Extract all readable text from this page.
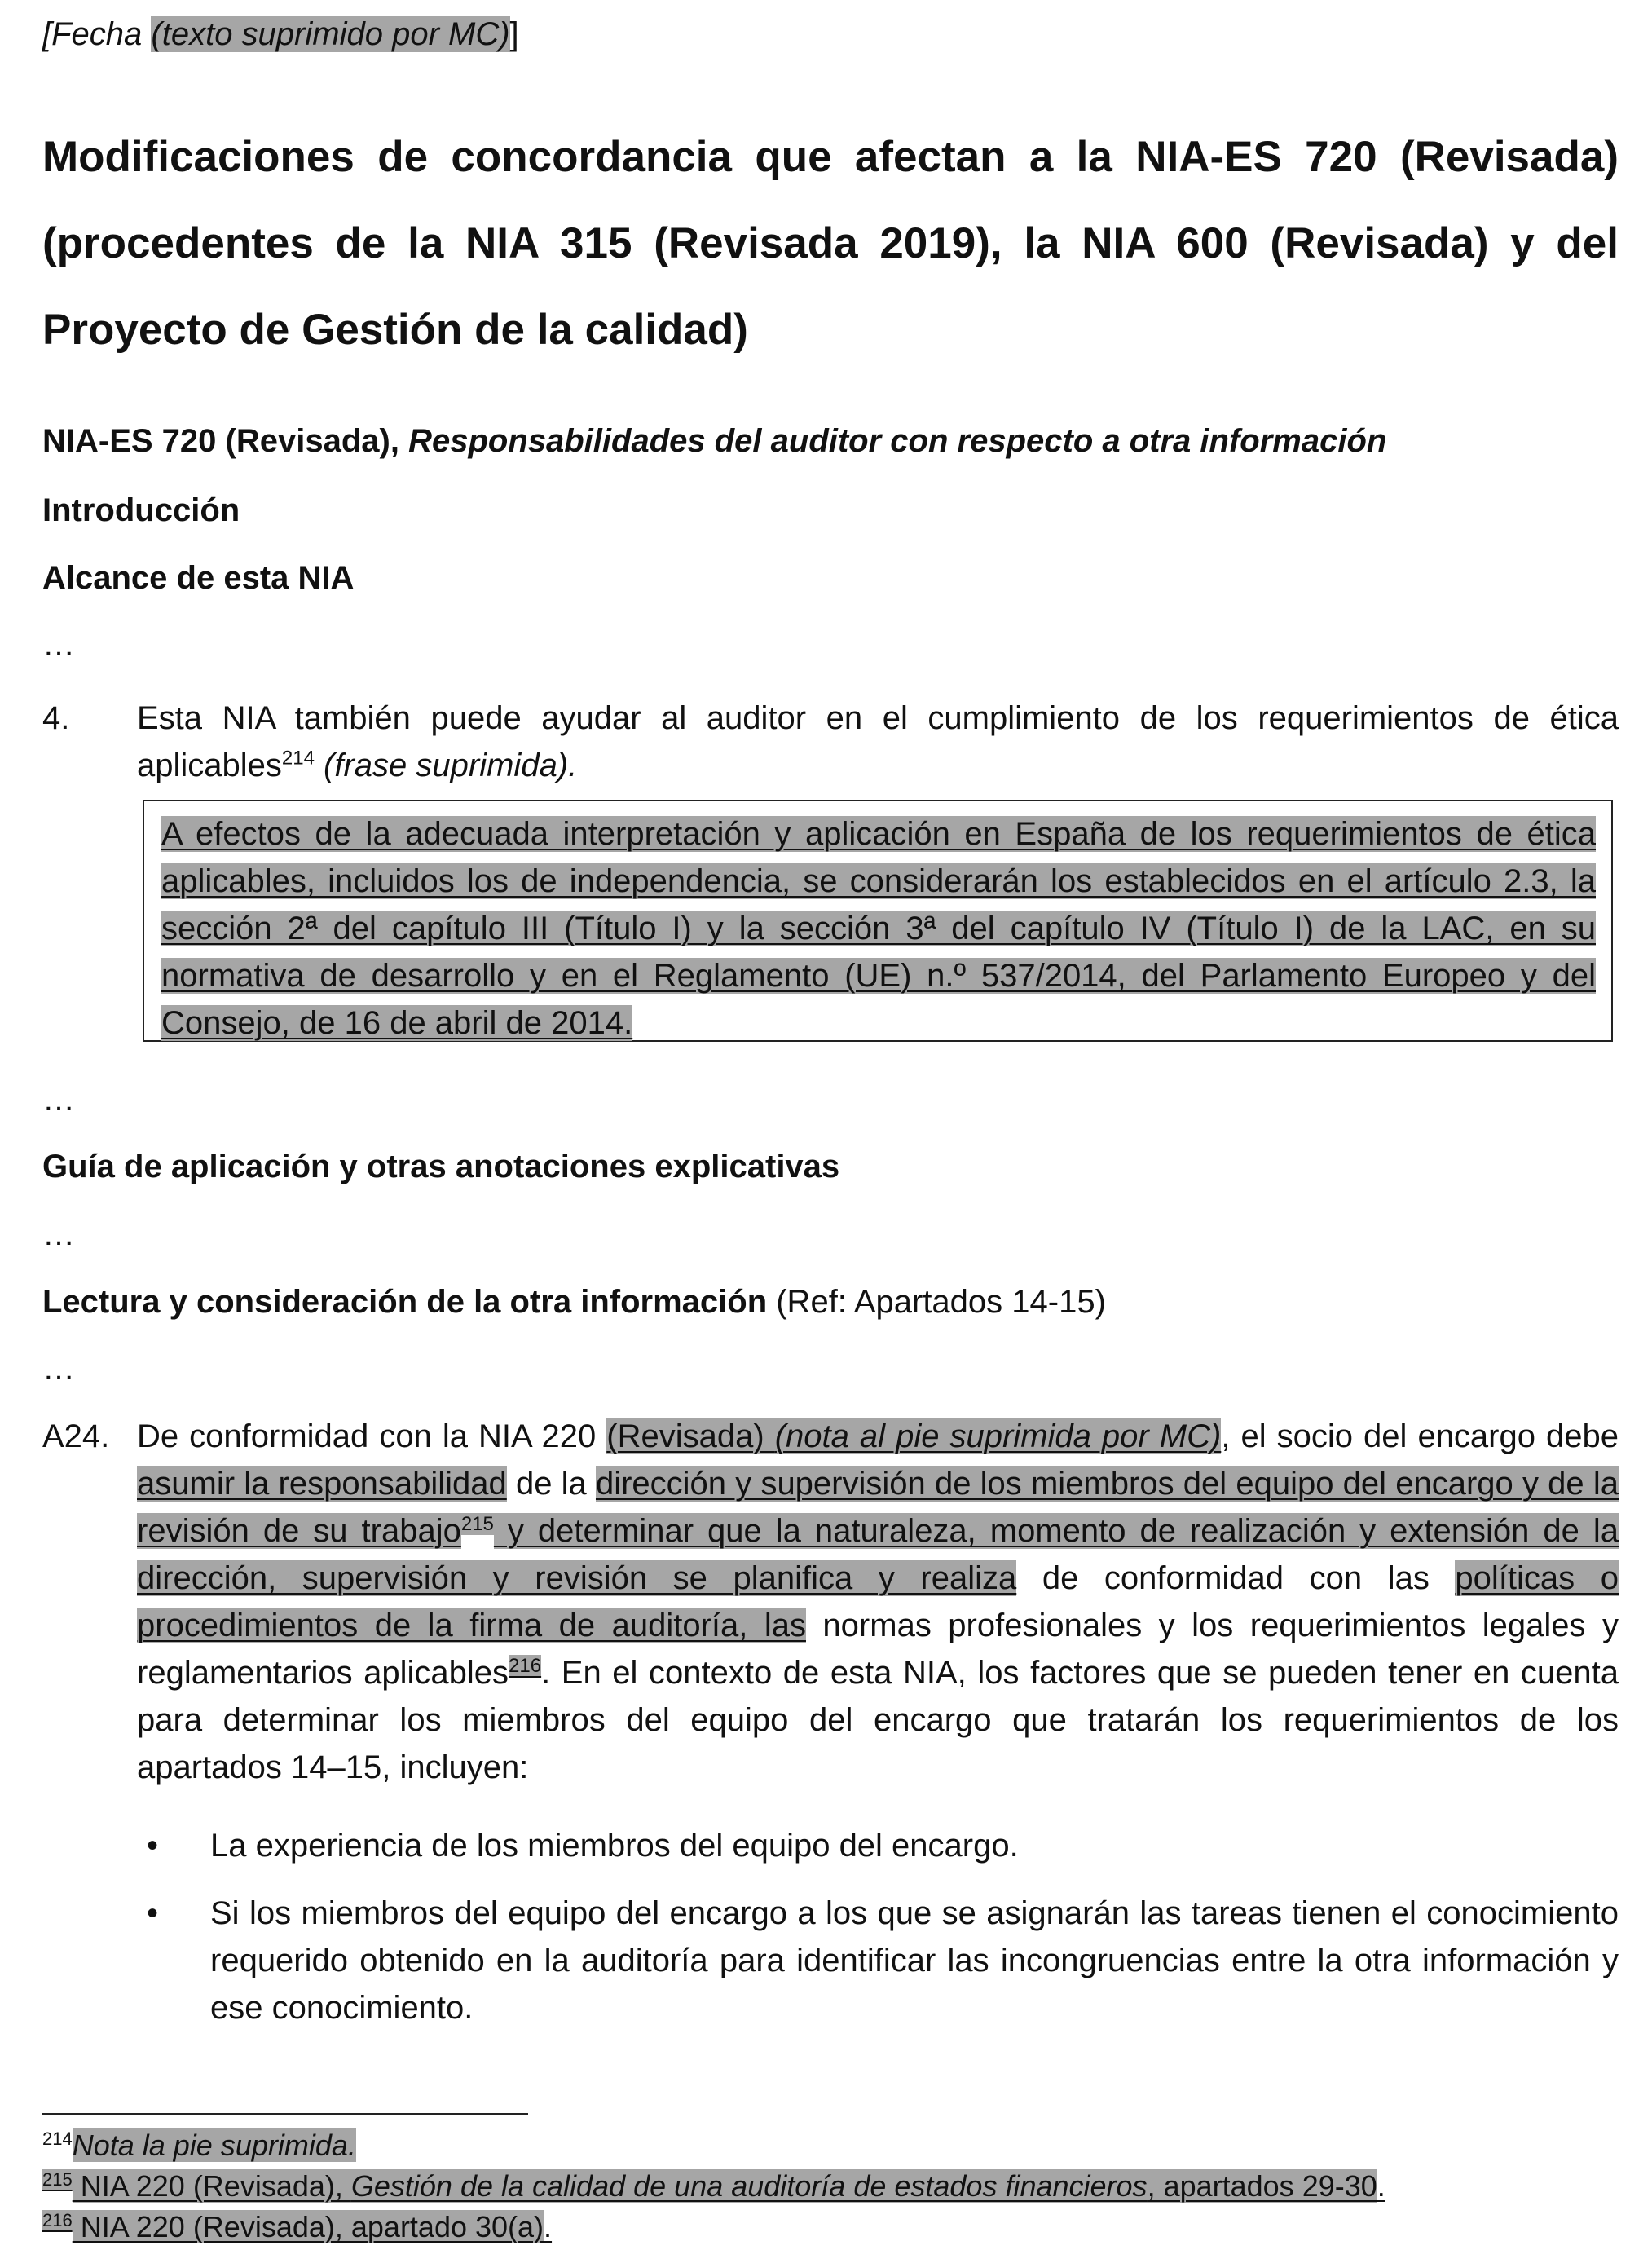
[Fecha (texto suprimido por MC)]
Modificaciones de concordancia que afectan a la NIA-ES 720 (Revisada) (procedentes de la NIA 315 (Revisada 2019), la NIA 600 (Revisada) y del Proyecto de Gestión de la calidad)
NIA-ES 720 (Revisada), Responsabilidades del auditor con respecto a otra información
Introducción
Alcance de esta NIA
…
4. Esta NIA también puede ayudar al auditor en el cumplimiento de los requerimientos de ética aplicables$^{214}$ (frase suprimida).
A efectos de la adecuada interpretación y aplicación en España de los requerimientos de ética aplicables, incluidos los de independencia, se considerarán los establecidos en el artículo 2.3, la sección 2ª del capítulo III (Título I) y la sección 3ª del capítulo IV (Título I) de la LAC, en su normativa de desarrollo y en el Reglamento (UE) n.º 537/2014, del Parlamento Europeo y del Consejo, de 16 de abril de 2014.
…
Guía de aplicación y otras anotaciones explicativas
…
Lectura y consideración de la otra información (Ref: Apartados 14-15)
…
A24. De conformidad con la NIA 220 (Revisada) (nota al pie suprimida por MC), el socio del encargo debe asumir la responsabilidad de la dirección y supervisión de los miembros del equipo del encargo y de la revisión de su trabajo$^{215}$ y determinar que la naturaleza, momento de realización y extensión de la dirección, supervisión y revisión se planifica y realiza de conformidad con las políticas o procedimientos de la firma de auditoría, las normas profesionales y los requerimientos legales y reglamentarios aplicables$^{216}$. En el contexto de esta NIA, los factores que se pueden tener en cuenta para determinar los miembros del equipo del encargo que tratarán los requerimientos de los apartados 14–15, incluyen:
• La experiencia de los miembros del equipo del encargo.
• Si los miembros del equipo del encargo a los que se asignarán las tareas tienen el conocimiento requerido obtenido en la auditoría para identificar las incongruencias entre la otra información y ese conocimiento.
$^{214}$Nota la pie suprimida.
$^{215}$ NIA 220 (Revisada), Gestión de la calidad de una auditoría de estados financieros, apartados 29-30.
$^{216}$ NIA 220 (Revisada), apartado 30(a).
